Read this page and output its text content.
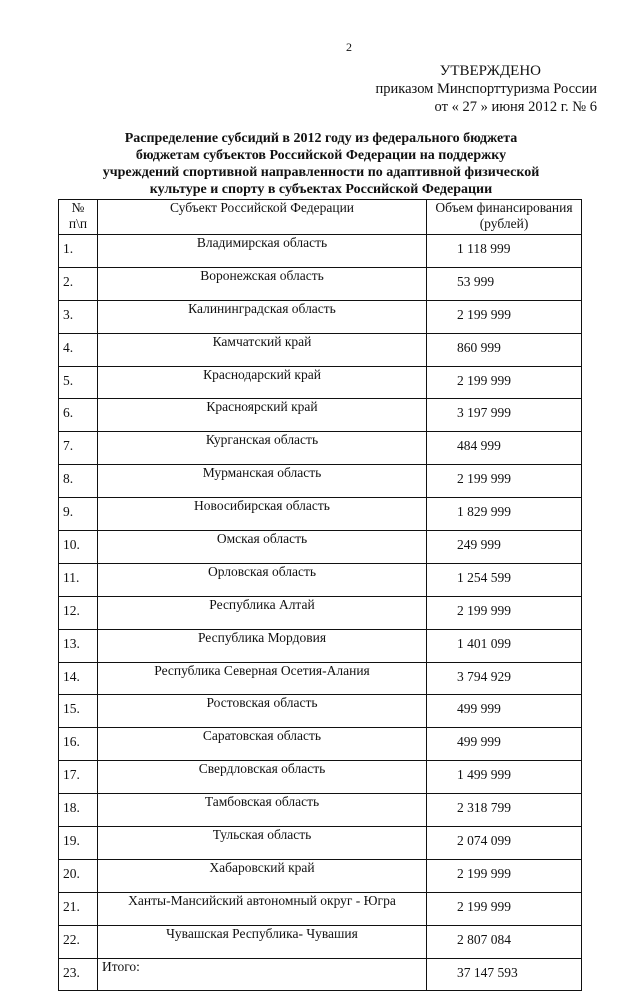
2
УТВЕРЖДЕНО
приказом Минспорттуризма России
от « 27 » июня 2012 г. № 6
Распределение субсидий в 2012 году из федерального бюджета бюджетам субъектов Российской Федерации на поддержку учреждений спортивной направленности по адаптивной физической культуре и спорту в субъектах Российской Федерации
№ п\п	Субъект Российской Федерации	Объем финансирования (рублей)
1.	Владимирская область	1 118 999
2.	Воронежская область	53 999
3.	Калининградская область	2 199 999
4.	Камчатский край	860 999
5.	Краснодарский край	2 199 999
6.	Красноярский край	3 197 999
7.	Курганская область	484 999
8.	Мурманская область	2 199 999
9.	Новосибирская область	1 829 999
10.	Омская область	249 999
11.	Орловская область	1 254 599
12.	Республика Алтай	2 199 999
13.	Республика Мордовия	1 401 099
14.	Республика Северная Осетия-Алания	3 794 929
15.	Ростовская область	499 999
16.	Саратовская область	499 999
17.	Свердловская область	1 499 999
18.	Тамбовская область	2 318 799
19.	Тульская область	2 074 099
20.	Хабаровский край	2 199 999
21.	Ханты-Мансийский автономный округ - Югра	2 199 999
22.	Чувашская Республика- Чувашия	2 807 084
23.	Итого:	37 147 593
